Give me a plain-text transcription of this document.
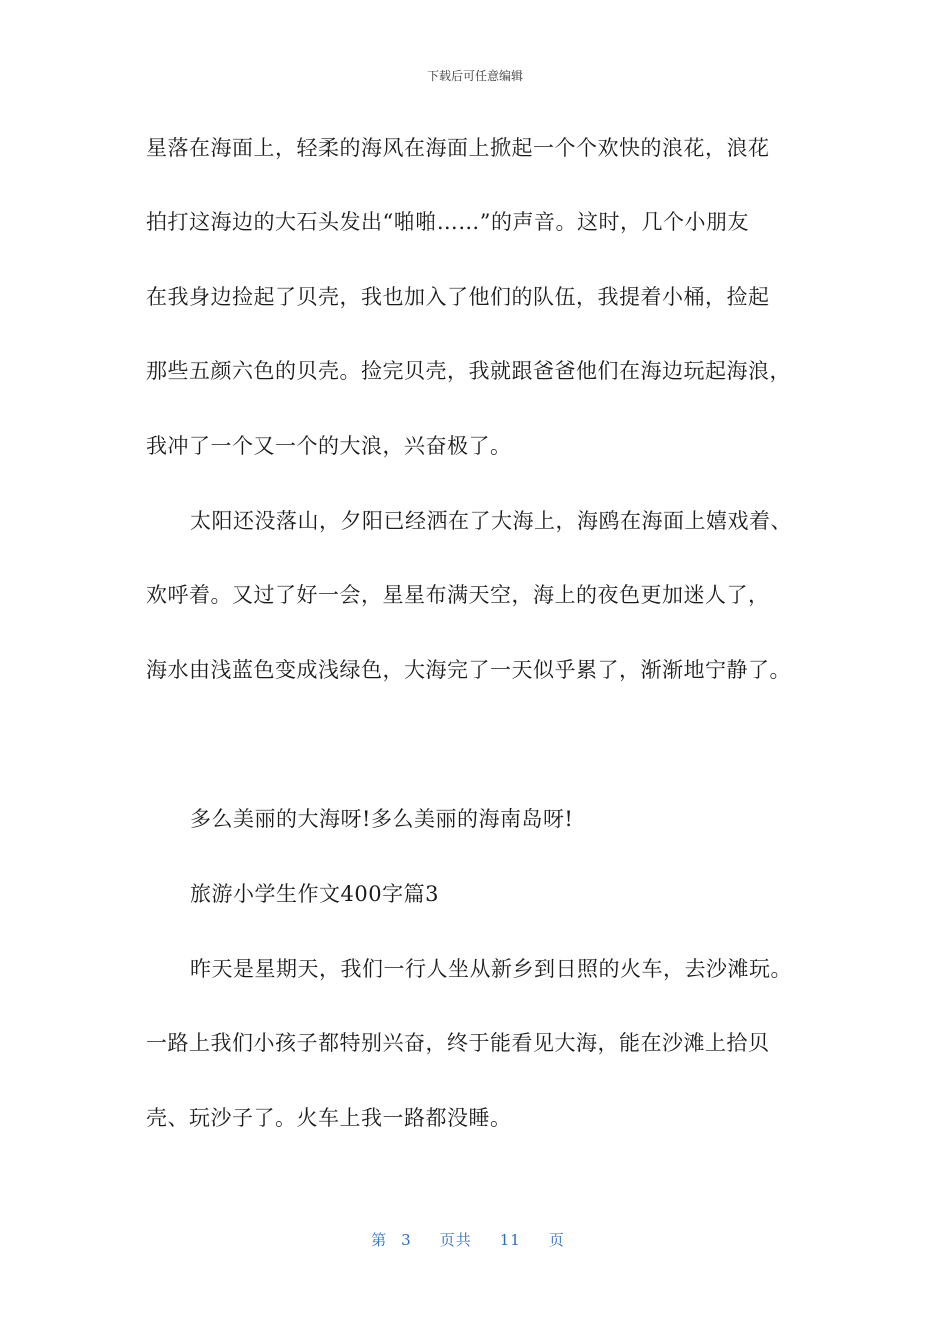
下载后可任意编辑
星落在海面上，轻柔的海风在海面上掀起一个个欢快的浪花，浪花
拍打这海边的大石头发出“啪啪……”的声音。这时，几个小朋友
在我身边捡起了贝壳，我也加入了他们的队伍，我提着小桶，捡起
那些五颜六色的贝壳。捡完贝壳，我就跟爸爸他们在海边玩起海浪，
我冲了一个又一个的大浪，兴奋极了。
太阳还没落山，夕阳已经洒在了大海上，海鸥在海面上嬉戏着、
欢呼着。又过了好一会，星星布满天空，海上的夜色更加迷人了，
海水由浅蓝色变成浅绿色，大海完了一天似乎累了，渐渐地宁静了。
多么美丽的大海呀!多么美丽的海南岛呀!
旅游小学生作文400字篇3
昨天是星期天，我们一行人坐从新乡到日照的火车，去沙滩玩。
一路上我们小孩子都特别兴奋，终于能看见大海，能在沙滩上拾贝
壳、玩沙子了。火车上我一路都没睡。
第 3 页共 11 页
